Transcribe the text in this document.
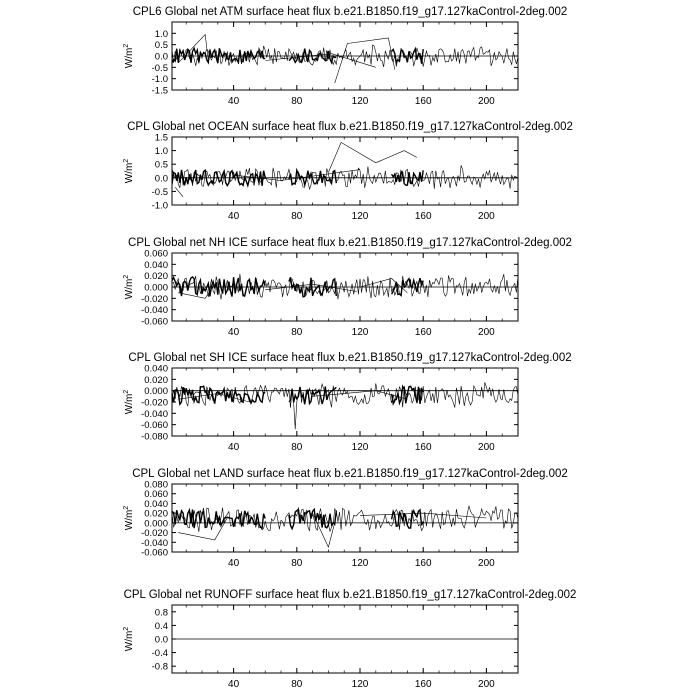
CPL6 Global net ATM surface heat flux b.e21.B1850.f19_g17.127kaControl-2deg.002
$W/m^2$
-1.5
-1.0
-0.5
0.0
0.5
1.0
40	80	120	160	200
CPL Global net OCEAN surface heat flux b.e21.B1850.f19_g17.127kaControl-2deg.002
$W/m^2$
-1.0
-0.5
0.0
0.5
1.0
1.5
40	80	120	160	200
CPL Global net NH ICE surface heat flux b.e21.B1850.f19_g17.127kaControl-2deg.002
$W/m^2$
-0.060
-0.040
-0.020
0.000
0.020
0.040
0.060
40	80	120	160	200
CPL Global net SH ICE surface heat flux b.e21.B1850.f19_g17.127kaControl-2deg.002
$W/m^2$
-0.080
-0.060
-0.040
-0.020
0.000
0.020
0.040
40	80	120	160	200
CPL Global net LAND surface heat flux b.e21.B1850.f19_g17.127kaControl-2deg.002
$W/m^2$
-0.060
-0.040
-0.020
0.000
0.020
0.040
0.060
0.080
40	80	120	160	200
CPL Global net RUNOFF surface heat flux b.e21.B1850.f19_g17.127kaControl-2deg.002
$W/m^2$
-0.8
-0.4
0.0
0.4
0.8
40	80	120	160	200
